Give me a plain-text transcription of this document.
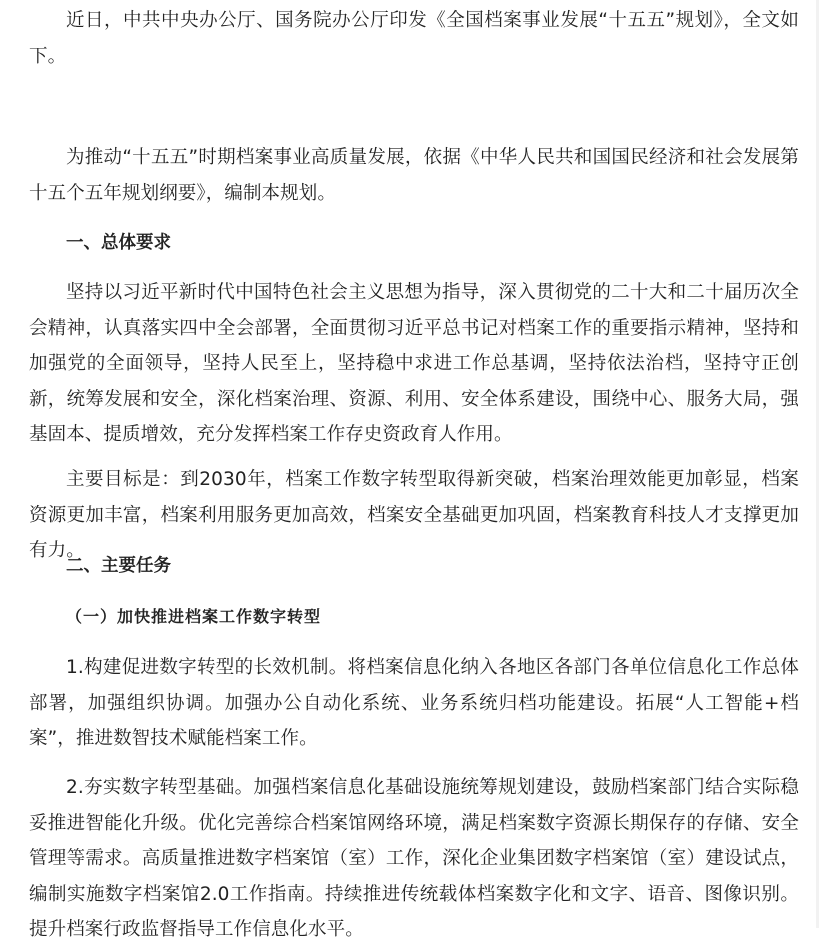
近日，中共中央办公厅、国务院办公厅印发《全国档案事业发展“十五五”规划》，全文如下。

为推动“十五五”时期档案事业高质量发展，依据《中华人民共和国国民经济和社会发展第十五个五年规划纲要》，编制本规划。

一、总体要求

坚持以习近平新时代中国特色社会主义思想为指导，深入贯彻党的二十大和二十届历次全会精神，认真落实四中全会部署，全面贯彻习近平总书记对档案工作的重要指示精神，坚持和加强党的全面领导，坚持人民至上，坚持稳中求进工作总基调，坚持依法治档，坚持守正创新，统筹发展和安全，深化档案治理、资源、利用、安全体系建设，围绕中心、服务大局，强基固本、提质增效，充分发挥档案工作存史资政育人作用。

主要目标是：到2030年，档案工作数字转型取得新突破，档案治理效能更加彰显，档案资源更加丰富，档案利用服务更加高效，档案安全基础更加巩固，档案教育科技人才支撑更加有力。

二、主要任务
（一）加快推进档案工作数字转型

1.构建促进数字转型的长效机制。将档案信息化纳入各地区各部门各单位信息化工作总体部署，加强组织协调。加强办公自动化系统、业务系统归档功能建设。拓展“人工智能+档案”，推进数智技术赋能档案工作。

2.夯实数字转型基础。加强档案信息化基础设施统筹规划建设，鼓励档案部门结合实际稳妥推进智能化升级。优化完善综合档案馆网络环境，满足档案数字资源长期保存的存储、安全管理等需求。高质量推进数字档案馆（室）工作，深化企业集团数字档案馆（室）建设试点，编制实施数字档案馆2.0工作指南。持续推进传统载体档案数字化和文字、语音、图像识别。提升档案行政监督指导工作信息化水平。
